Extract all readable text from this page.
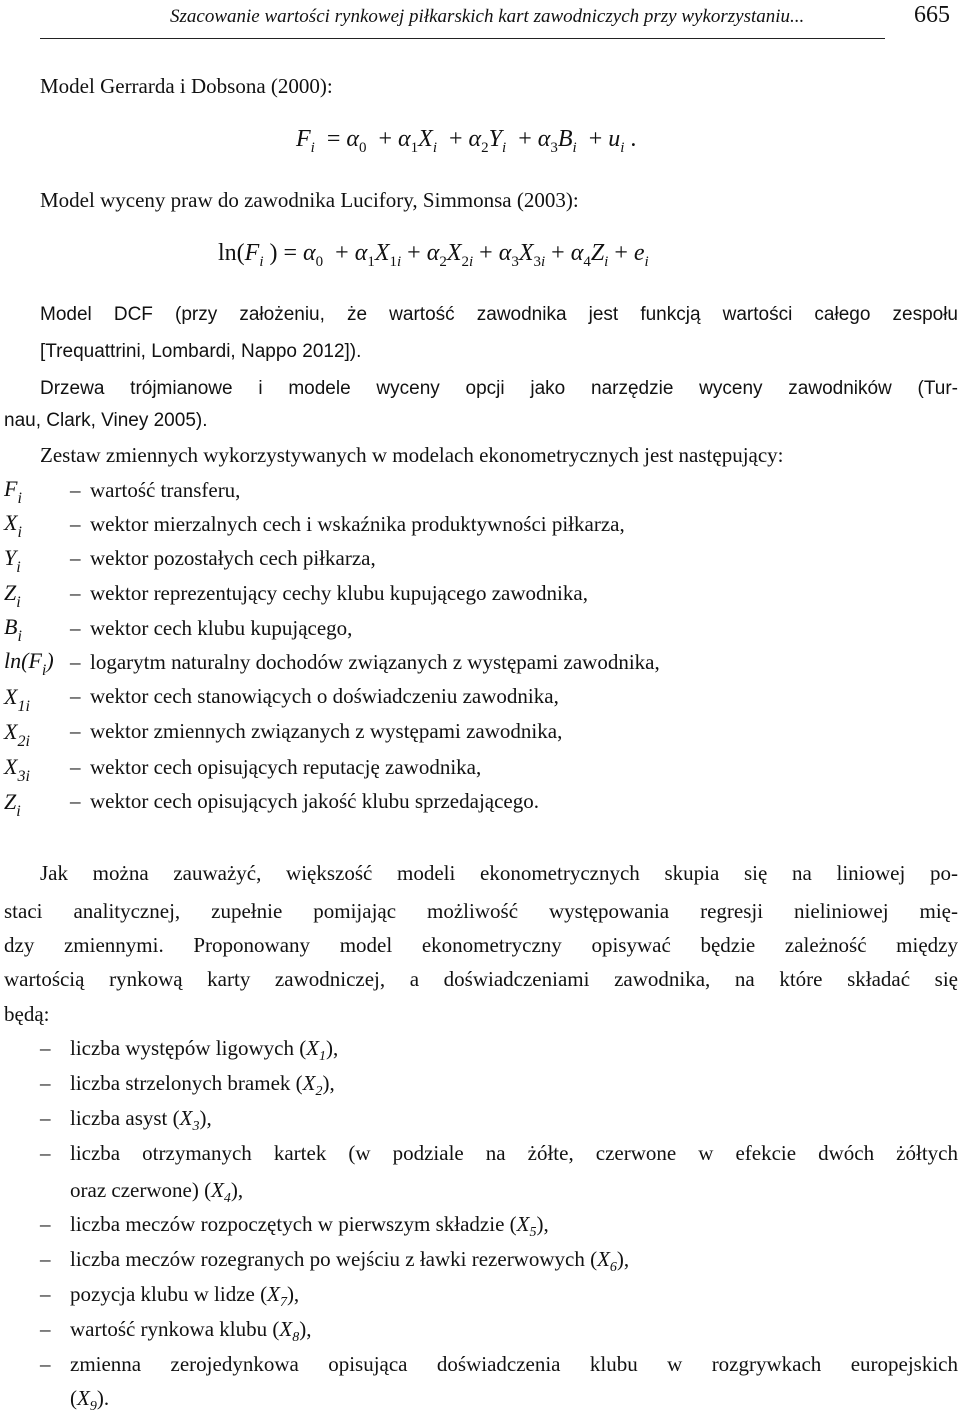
Szacowanie wartości rynkowej piłkarskich kart zawodniczych przy wykorzystaniu...	665
Model Gerrarda i Dobsona (2000):
$F_i = \alpha_0 + \alpha_1X_i + \alpha_2Y_i + \alpha_3B_i + u_i$ .
Model wyceny praw do zawodnika Lucifory, Simmonsa (2003):
$\ln(F_i$ ) = $\alpha_0 + \alpha_1X_{1i} + \alpha_2X_{2i} + \alpha_3X_{3i} + \alpha_4Z_i + e_i$
Model DCF (przy założeniu, że wartość zawodnika jest funkcją wartości całego zespołu
[Trequattrini, Lombardi, Nappo 2012]).
Drzewa trójmianowe i modele wyceny opcji jako narzędzie wyceny zawodników (Tur-
nau, Clark, Viney 2005).
Zestaw zmiennych wykorzystywanych w modelach ekonometrycznych jest następujący:
$F_i$ – wartość transferu,
$X_i$ – wektor mierzalnych cech i wskaźnika produktywności piłkarza,
$Y_i$ – wektor pozostałych cech piłkarza,
$Z_i$ – wektor reprezentujący cechy klubu kupującego zawodnika,
$B_i$ – wektor cech klubu kupującego,
$\ln(F_i)$ – logarytm naturalny dochodów związanych z występami zawodnika,
$X_{1i}$ – wektor cech stanowiących o doświadczeniu zawodnika,
$X_{2i}$ – wektor zmiennych związanych z występami zawodnika,
$X_{3i}$ – wektor cech opisujących reputację zawodnika,
$Z_i$ – wektor cech opisujących jakość klubu sprzedającego.
Jak można zauważyć, większość modeli ekonometrycznych skupia się na liniowej po-
staci analitycznej, zupełnie pomijając możliwość występowania regresji nieliniowej mię-
dzy zmiennymi. Proponowany model ekonometryczny opisywać będzie zależność między
wartością rynkową karty zawodniczej, a doświadczeniami zawodnika, na które składać się
będą:
– liczba występów ligowych $(X_1)$,
– liczba strzelonych bramek $(X_2)$,
– liczba asyst $(X_3)$,
– liczba otrzymanych kartek (w podziale na żółte, czerwone w efekcie dwóch żółtych
oraz czerwone) $(X_4)$,
– liczba meczów rozpoczętych w pierwszym składzie $(X_5)$,
– liczba meczów rozegranych po wejściu z ławki rezerwowych $(X_6)$,
– pozycja klubu w lidze $(X_7)$,
– wartość rynkowa klubu $(X_8)$,
– zmienna zerojedynkowa opisująca doświadczenia klubu w rozgrywkach europejskich
$(X_9)$.
